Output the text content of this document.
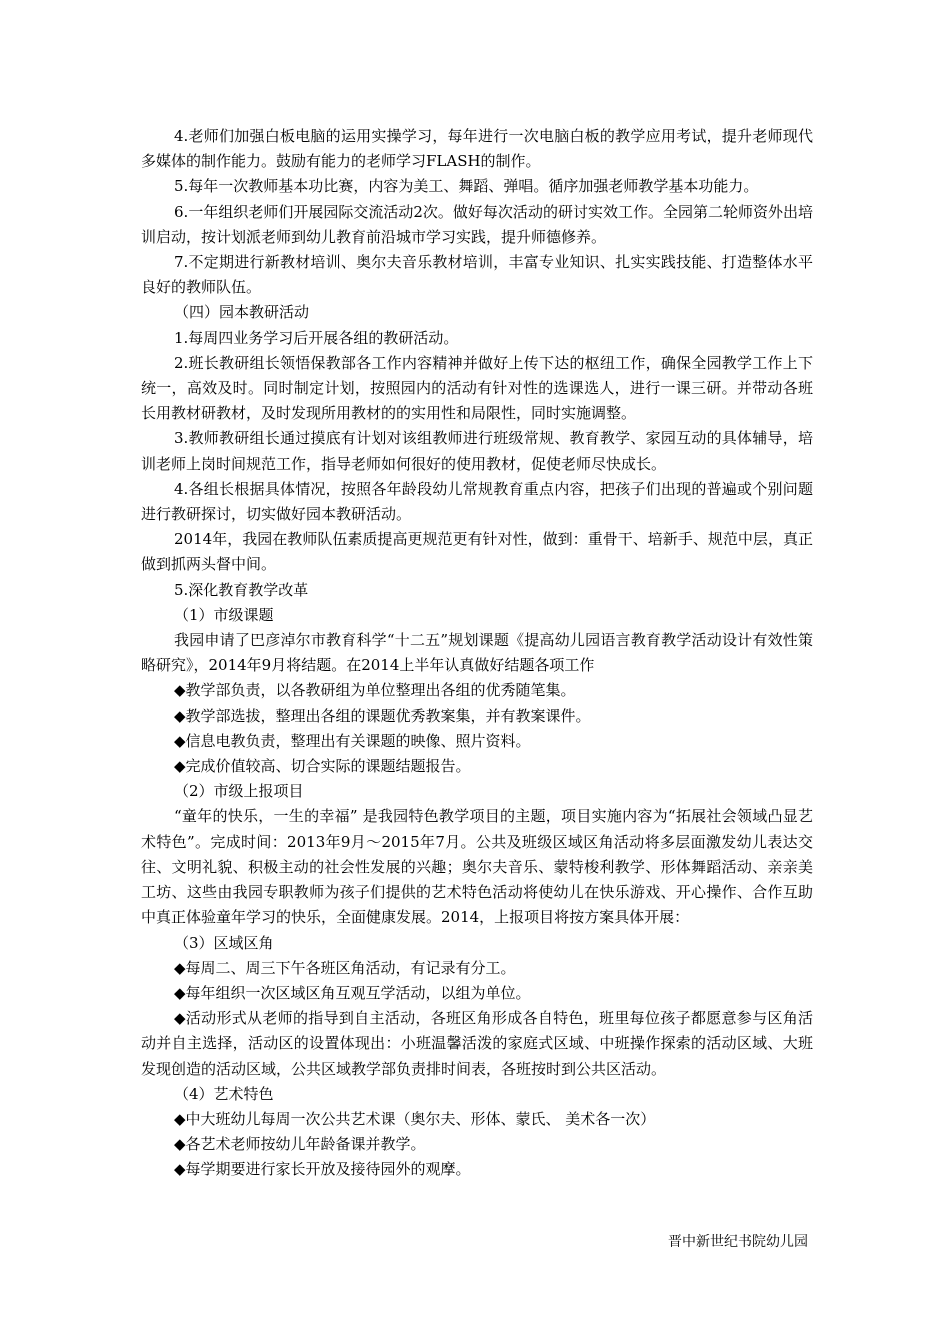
4.老师们加强白板电脑的运用实操学习，每年进行一次电脑白板的教学应用考试，提升老师现代多媒体的制作能力。鼓励有能力的老师学习FLASH的制作。

5.每年一次教师基本功比赛，内容为美工、舞蹈、弹唱。循序加强老师教学基本功能力。

6.一年组织老师们开展园际交流活动2次。做好每次活动的研讨实效工作。全园第二轮师资外出培训启动，按计划派老师到幼儿教育前沿城市学习实践，提升师德修养。

7.不定期进行新教材培训、奥尔夫音乐教材培训，丰富专业知识、扎实实践技能、打造整体水平良好的教师队伍。

（四）园本教研活动

1.每周四业务学习后开展各组的教研活动。

2.班长教研组长领悟保教部各工作内容精神并做好上传下达的枢纽工作，确保全园教学工作上下统一，高效及时。同时制定计划，按照园内的活动有针对性的选课选人，进行一课三研。并带动各班长用教材研教材，及时发现所用教材的的实用性和局限性，同时实施调整。

3.教师教研组长通过摸底有计划对该组教师进行班级常规、教育教学、家园互动的具体辅导，培训老师上岗时间规范工作，指导老师如何很好的使用教材，促使老师尽快成长。

4.各组长根据具体情况，按照各年龄段幼儿常规教育重点内容，把孩子们出现的普遍或个别问题进行教研探讨，切实做好园本教研活动。

2014年，我园在教师队伍素质提高更规范更有针对性，做到：重骨干、培新手、规范中层，真正做到抓两头督中间。

5.深化教育教学改革

（1）市级课题

我园申请了巴彦淖尔市教育科学“十二五”规划课题《提高幼儿园语言教育教学活动设计有效性策略研究》，2014年9月将结题。在2014上半年认真做好结题各项工作

◆教学部负责，以各教研组为单位整理出各组的优秀随笔集。

◆教学部选拔，整理出各组的课题优秀教案集，并有教案课件。

◆信息电教负责，整理出有关课题的映像、照片资料。

◆完成价值较高、切合实际的课题结题报告。

（2）市级上报项目

“童年的快乐，一生的幸福” 是我园特色教学项目的主题，项目实施内容为“拓展社会领域凸显艺术特色”。完成时间：2013年9月～2015年7月。公共及班级区域区角活动将多层面激发幼儿表达交往、文明礼貌、积极主动的社会性发展的兴趣；奥尔夫音乐、蒙特梭利教学、形体舞蹈活动、亲亲美工坊、这些由我园专职教师为孩子们提供的艺术特色活动将使幼儿在快乐游戏、开心操作、合作互助中真正体验童年学习的快乐，全面健康发展。2014，上报项目将按方案具体开展：

（3）区域区角

◆每周二、周三下午各班区角活动，有记录有分工。

◆每年组织一次区域区角互观互学活动，以组为单位。

◆活动形式从老师的指导到自主活动，各班区角形成各自特色，班里每位孩子都愿意参与区角活动并自主选择，活动区的设置体现出：小班温馨活泼的家庭式区域、中班操作探索的活动区域、大班发现创造的活动区域，公共区域教学部负责排时间表，各班按时到公共区活动。

（4）艺术特色

◆中大班幼儿每周一次公共艺术课（奥尔夫、形体、蒙氏、 美术各一次）

◆各艺术老师按幼儿年龄备课并教学。

◆每学期要进行家长开放及接待园外的观摩。

晋中新世纪书院幼儿园
